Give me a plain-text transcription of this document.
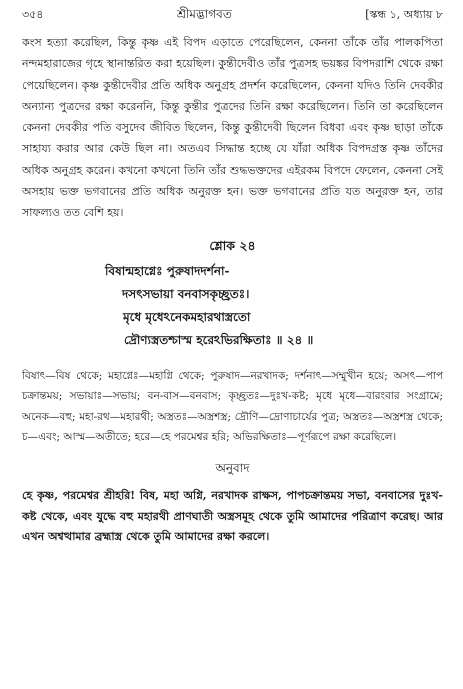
৩৫৪	শ্রীমদ্ভাগবত	[স্কন্ধ ১, অধ্যায় ৮

কংস হত্যা করেছিল, কিন্তু কৃষ্ণ এই বিপদ এড়াতে পেরেছিলেন, কেননা তাঁকে তাঁর পালকপিতা নন্দমহারাজের গৃহে স্থানান্তরিত করা হয়েছিল। কুন্তীদেবীও তাঁর পুত্রসহ ভয়ঙ্কর বিপদরাশি থেকে রক্ষা পেয়েছিলেন। কৃষ্ণ কুন্তীদেবীর প্রতি অধিক অনুগ্রহ প্রদর্শন করেছিলেন, কেননা যদিও তিনি দেবকীর অন্যান্য পুত্রদের রক্ষা করেননি, কিন্তু কুন্তীর পুত্রদের তিনি রক্ষা করেছিলেন। তিনি তা করেছিলেন কেননা দেবকীর পতি বসুদেব জীবিত ছিলেন, কিন্তু কুন্তীদেবী ছিলেন বিধবা এবং কৃষ্ণ ছাড়া তাঁকে সাহায্য করার আর কেউ ছিল না। অতএব সিদ্ধান্ত হচ্ছে যে যাঁরা অধিক বিপদগ্রস্ত কৃষ্ণ তাঁদের অধিক অনুগ্রহ করেন। কখনো কখনো তিনি তাঁর শুদ্ধভক্তদের এইরকম বিপদে ফেলেন, কেননা সেই অসহায় ভক্ত ভগবানের প্রতি অধিক অনুরক্ত হন। ভক্ত ভগবানের প্রতি যত অনুরক্ত হন, তার সাফল্যও তত বেশি হয়।

শ্লোক ২৪
বিষান্মহাগ্নেঃ পুরুষাদদর্শনা-
দসৎসভায়া বনবাসকৃচ্ছ্রতঃ।
মৃধে মৃধেঽনেকমহারথাস্ত্রতো
দ্রৌণ্যস্ত্রতশ্চাস্ম হরেঽভিরক্ষিতাঃ ॥ ২৪ ॥
বিষাৎ—বিষ থেকে; মহাগ্নেঃ—মহাগ্নি থেকে; পুরুষাদ—নরখাদক; দর্শনাৎ—সম্মুখীন হয়ে; অসৎ—পাপ চক্রান্তময়; সভায়াঃ—সভায়; বন-বাস—বনবাস; কৃচ্ছ্রতঃ—দুঃখ-কষ্ট; মৃধে মৃধে—বারংবার সংগ্রামে; অনেক—বহু; মহা-রথ—মহারথী; অস্ত্রতঃ—অস্ত্রশস্ত্র; দ্রৌণি—দ্রোণাচার্যের পুত্র; অস্ত্রতঃ—অস্ত্রশস্ত্র থেকে; চ—এবং; আস্ম—অতীতে; হরে—হে পরমেশ্বর হরি; অভিরক্ষিতাঃ—পূর্ণরূপে রক্ষা করেছিলে।
অনুবাদ
হে কৃষ্ণ, পরমেশ্বর শ্রীহরি! বিষ, মহা অগ্নি, নরখাদক রাক্ষস, পাপচক্রান্তময় সভা, বনবাসের দুঃখ-কষ্ট থেকে, এবং যুদ্ধে বহু মহারথী প্রাণঘাতী অস্ত্রসমূহ থেকে তুমি আমাদের পরিত্রাণ করেছ। আর এখন অশ্বত্থামার ব্রহ্মাস্ত্র থেকে তুমি আমাদের রক্ষা করলে।
